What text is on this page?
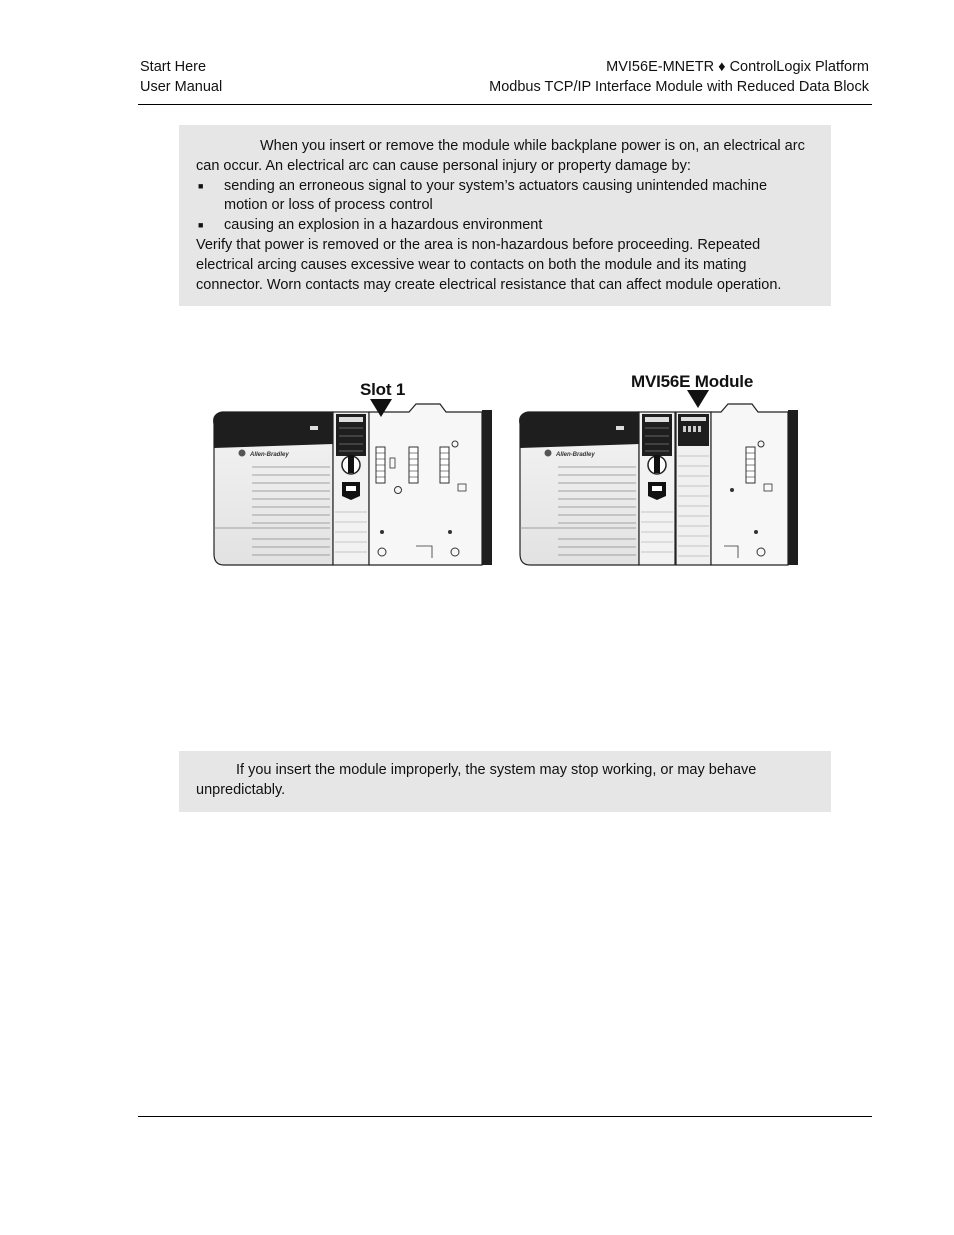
Start Here
User Manual
MVI56E-MNETR ♦ ControlLogix Platform
Modbus TCP/IP Interface Module with Reduced Data Block

When you insert or remove the module while backplane power is on, an electrical arc

can occur. An electrical arc can cause personal injury or property damage by:

■ sending an erroneous signal to your system’s actuators causing unintended machine motion or loss of process control
■ causing an explosion in a hazardous environment

Verify that power is removed or the area is non-hazardous before proceeding. Repeated electrical arcing causes excessive wear to contacts on both the module and its mating connector. Worn contacts may create electrical resistance that can affect module operation.

Allen-Bradley	Allen-Bradley
Slot 1	MVI56E Module

If you insert the module improperly, the system may stop working, or may behave

unpredictably.
